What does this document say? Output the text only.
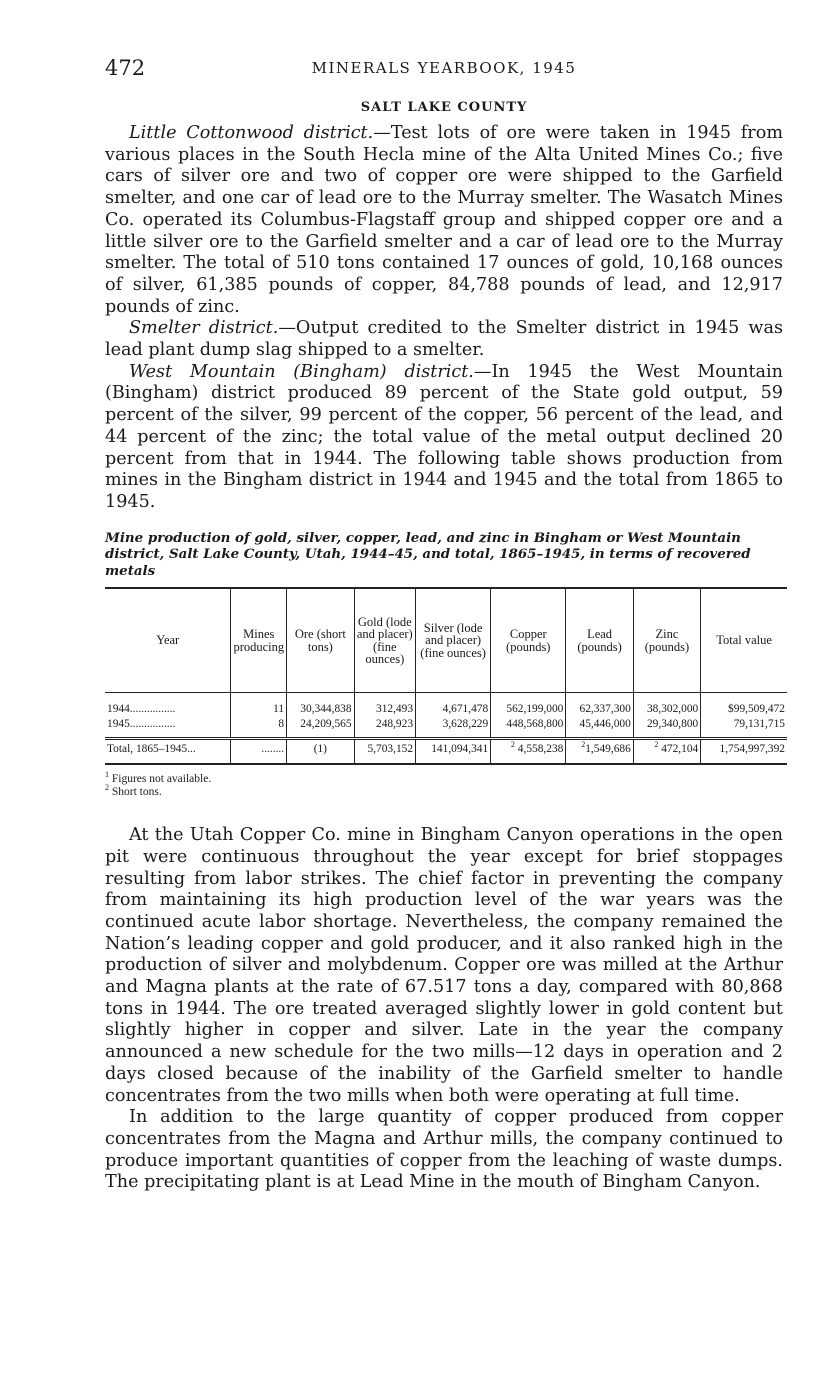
472	MINERALS YEARBOOK, 1945
SALT LAKE COUNTY

Little Cottonwood district.—Test lots of ore were taken in 1945 from various places in the South Hecla mine of the Alta United Mines Co.; five cars of silver ore and two of copper ore were shipped to the Garfield smelter, and one car of lead ore to the Murray smelter. The Wasatch Mines Co. operated its Columbus-Flagstaff group and shipped copper ore and a little silver ore to the Garfield smelter and a car of lead ore to the Murray smelter. The total of 510 tons contained 17 ounces of gold, 10,168 ounces of silver, 61,385 pounds of copper, 84,788 pounds of lead, and 12,917 pounds of zinc.

Smelter district.—Output credited to the Smelter district in 1945 was lead plant dump slag shipped to a smelter.

West Mountain (Bingham) district.—In 1945 the West Mountain (Bingham) district produced 89 percent of the State gold output, 59 percent of the silver, 99 percent of the copper, 56 percent of the lead, and 44 percent of the zinc; the total value of the metal output declined 20 percent from that in 1944. The following table shows production from mines in the Bingham district in 1944 and 1945 and the total from 1865 to 1945.

Mine production of gold, silver, copper, lead, and zinc in Bingham or West Mountain district, Salt Lake County, Utah, 1944–45, and total, 1865–1945, in terms of recovered metals

Year	Mines producing	Ore (short tons)	Gold (lode and placer) (fine ounces)	Silver (lode and placer) (fine ounces)	Copper (pounds)	Lead (pounds)	Zinc (pounds)	Total value
1944................	11	30,344,838	312,493	4,671,478	562,199,000	62,337,300	38,302,000	$99,509,472
1945................	8	24,209,565	248,923	3,628,229	448,568,800	45,446,000	29,340,800	79,131,715
Total, 1865–1945...	........	(1)	5,703,152	141,094,341	$^2$ 4,558,238	$^2$1,549,686	$^2$ 472,104	1,754,997,392
$^1$ Figures not available.
$^2$ Short tons.

At the Utah Copper Co. mine in Bingham Canyon operations in the open pit were continuous throughout the year except for brief stoppages resulting from labor strikes. The chief factor in preventing the company from maintaining its high production level of the war years was the continued acute labor shortage. Nevertheless, the company remained the Nation’s leading copper and gold producer, and it also ranked high in the production of silver and molybdenum. Copper ore was milled at the Arthur and Magna plants at the rate of 67.517 tons a day, compared with 80,868 tons in 1944. The ore treated averaged slightly lower in gold content but slightly higher in copper and silver. Late in the year the company announced a new schedule for the two mills—12 days in operation and 2 days closed because of the inability of the Garfield smelter to handle concentrates from the two mills when both were operating at full time.

In addition to the large quantity of copper produced from copper concentrates from the Magna and Arthur mills, the company continued to produce important quantities of copper from the leaching of waste dumps. The precipitating plant is at Lead Mine in the mouth of Bingham Canyon.
